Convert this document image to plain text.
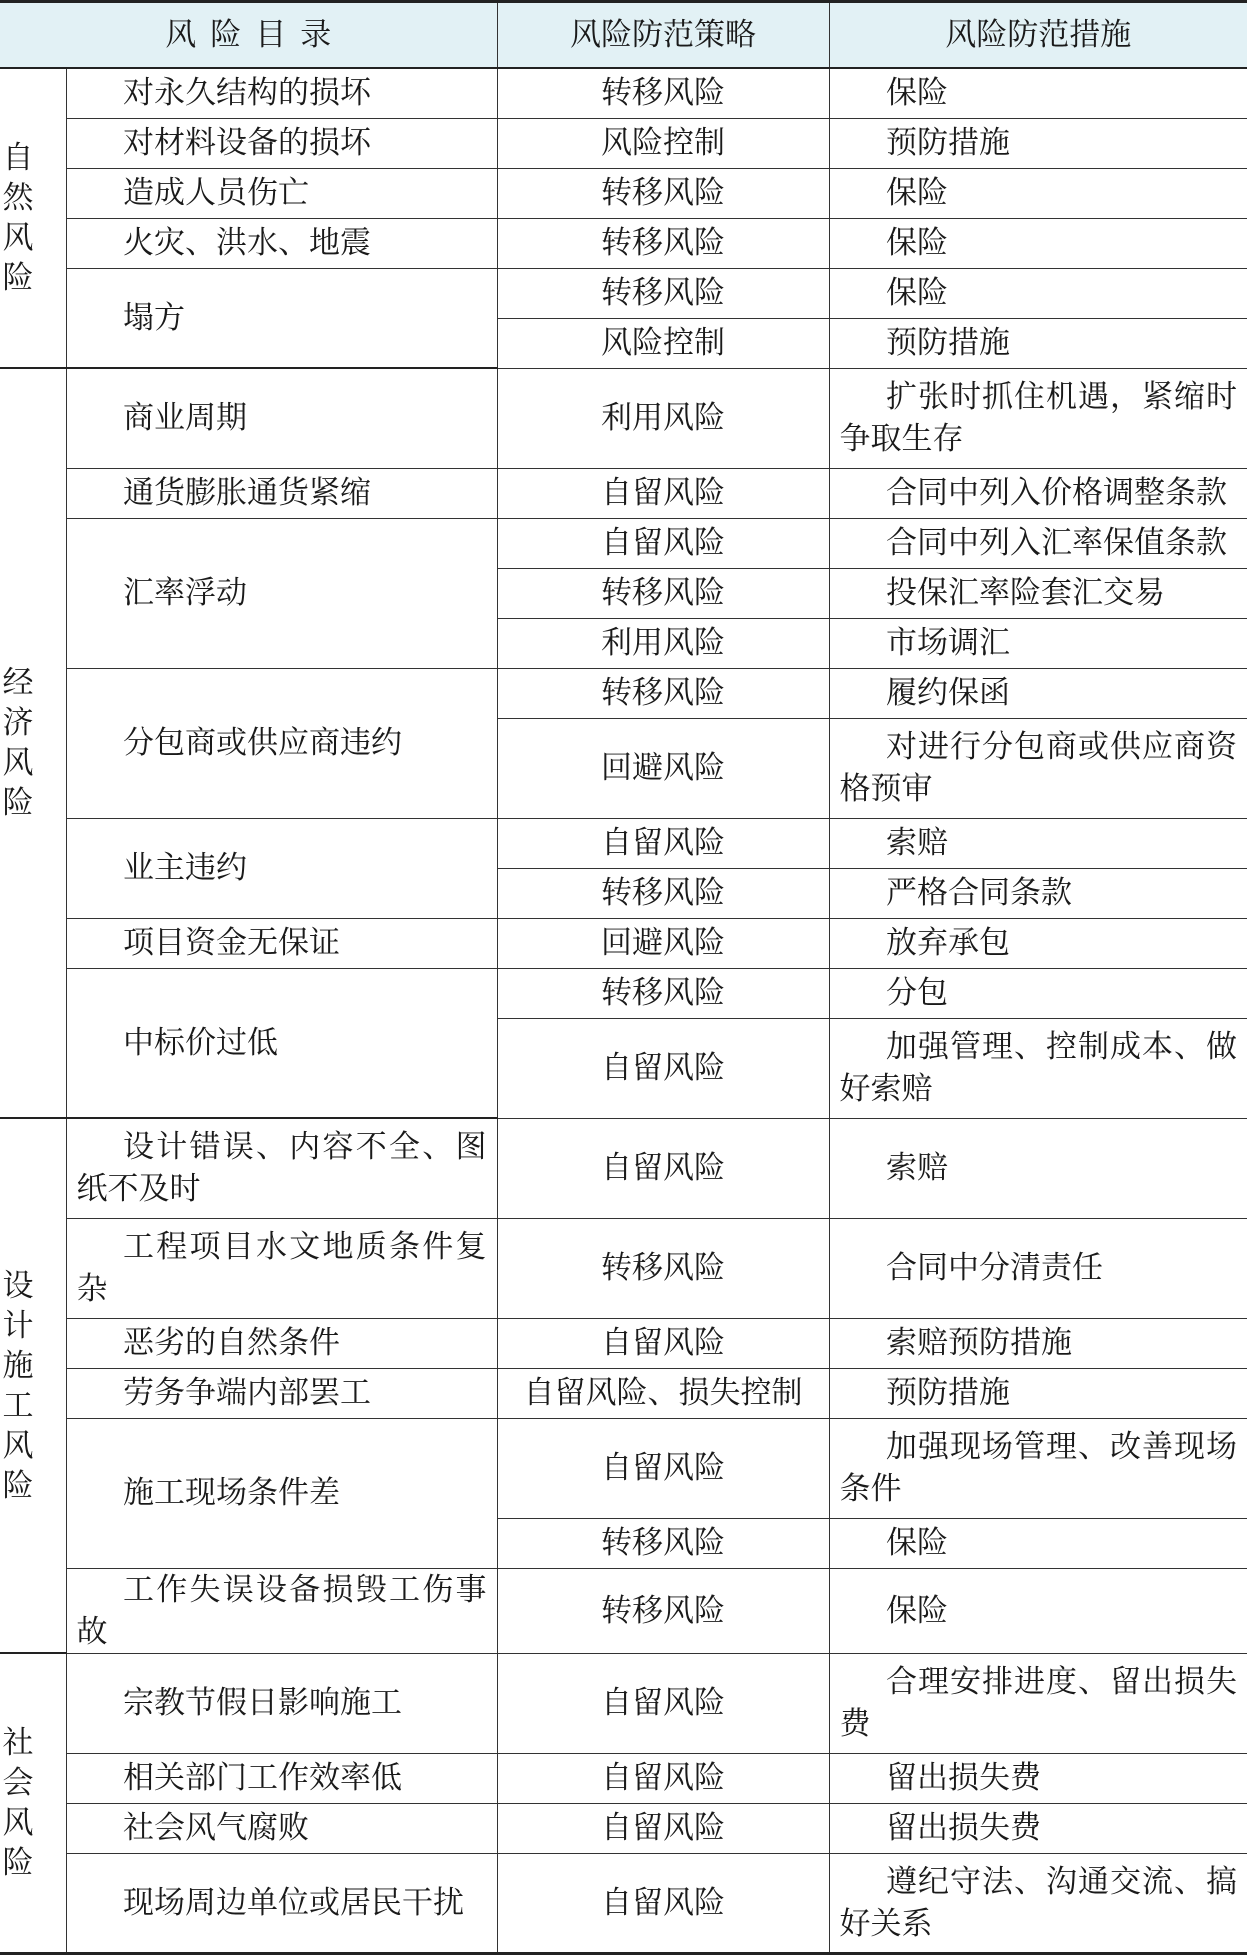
风险目录		风险防范策略	风险防范措施

自然风险	对永久结构的损坏	转移风险	保险
	对材料设备的损坏	风险控制	预防措施
	造成人员伤亡	转移风险	保险
	火灾、洪水、地震	转移风险	保险
	塌方	转移风险	保险
		风险控制	预防措施

经济风险	商业周期	利用风险	扩张时抓住机遇，紧缩时争取生存
	通货膨胀通货紧缩	自留风险	合同中列入价格调整条款
	汇率浮动	自留风险	合同中列入汇率保值条款
		转移风险	投保汇率险套汇交易
		利用风险	市场调汇
	分包商或供应商违约	转移风险	履约保函
		回避风险	对进行分包商或供应商资格预审
	业主违约	自留风险	索赔
		转移风险	严格合同条款
	项目资金无保证	回避风险	放弃承包
	中标价过低	转移风险	分包
		自留风险	加强管理、控制成本、做好索赔

设计施工风险	设计错误、内容不全、图纸不及时	自留风险	索赔
	工程项目水文地质条件复杂	转移风险	合同中分清责任
	恶劣的自然条件	自留风险	索赔预防措施
	劳务争端内部罢工	自留风险、损失控制	预防措施
	施工现场条件差	自留风险	加强现场管理、改善现场条件
		转移风险	保险
	工作失误设备损毁工伤事故	转移风险	保险

社会风险	宗教节假日影响施工	自留风险	合理安排进度、留出损失费
	相关部门工作效率低	自留风险	留出损失费
	社会风气腐败	自留风险	留出损失费
	现场周边单位或居民干扰	自留风险	遵纪守法、沟通交流、搞好关系
